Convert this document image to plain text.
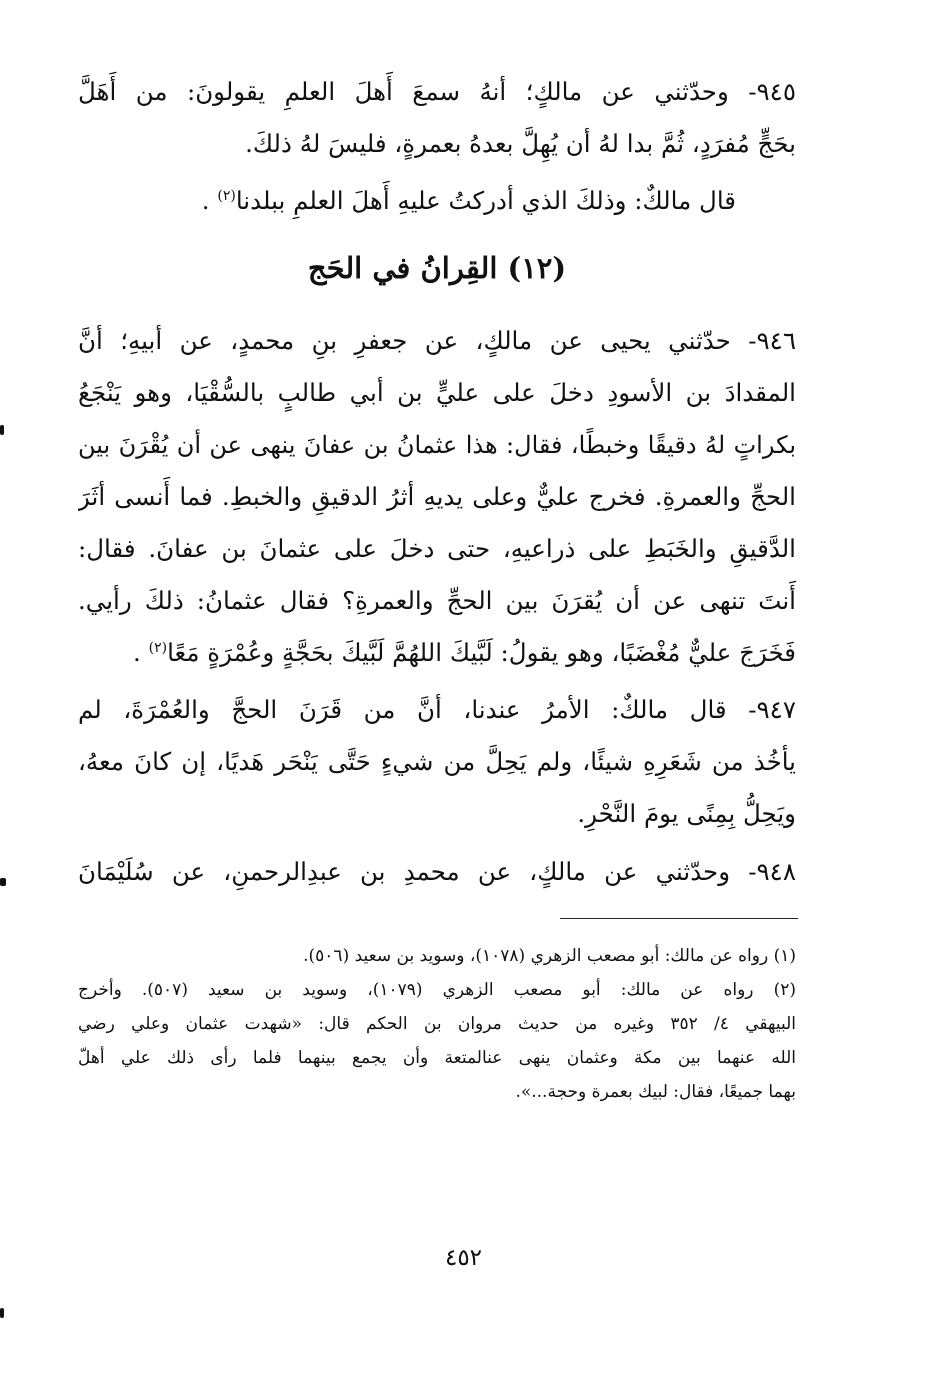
٩٤٥- وحدّثني عن مالكٍ؛ أنهُ سمعَ أَهلَ العلمِ يقولونَ: من أَهَلَّ
بحَجٍّ مُفرَدٍ، ثُمَّ بدا لهُ أن يُهِلَّ بعدهُ بعمرةٍ، فليسَ لهُ ذلكَ.
قال مالكٌ: وذلكَ الذي أدركتُ عليهِ أَهلَ العلمِ ببلدنا$^{(٢)}$ .
(١٢) القِرانُ في الحَج
٩٤٦- حدّثني يحيى عن مالكٍ، عن جعفرِ بنِ محمدٍ، عن أبيهِ؛ أنَّ
المقدادَ بن الأسودِ دخلَ على عليٍّ بن أبي طالبٍ بالسُّقْيَا، وهو يَنْجَعُ
بكراتٍ لهُ دقيقًا وخبطًا، فقال: هذا عثمانُ بن عفانَ ينهى عن أن يُقْرَنَ بين
الحجِّ والعمرةِ. فخرج عليٌّ وعلى يديهِ أثرُ الدقيقِ والخبطِ. فما أَنسى أثَرَ
الدَّقيقِ والخَبَطِ على ذراعيهِ، حتى دخلَ على عثمانَ بن عفانَ. فقال:
أَنتَ تنهى عن أن يُقرَنَ بين الحجِّ والعمرةِ؟ فقال عثمانُ: ذلكَ رأيي.
فَخَرَجَ عليٌّ مُغْضَبًا، وهو يقولُ: لَبَّيكَ اللهُمَّ لَبَّيكَ بحَجَّةٍ وعُمْرَةٍ مَعًا$^{(٢)}$ .
٩٤٧- قال مالكٌ: الأمرُ عندنا، أنَّ من قَرَنَ الحجَّ والعُمْرَةَ، لم
يأخُذ من شَعَرِهِ شيئًا، ولم يَحِلَّ من شيءٍ حَتَّى يَنْحَر هَديًا، إن كانَ معهُ،
ويَحِلُّ بِمِنًى يومَ النَّحْرِ.
٩٤٨- وحدّثني عن مالكٍ، عن محمدِ بن عبدِالرحمنِ، عن سُلَيْمَانَ
(١) رواه عن مالك: أبو مصعب الزهري (١٠٧٨)، وسويد بن سعيد (٥٠٦).
(٢) رواه عن مالك: أبو مصعب الزهري (١٠٧٩)، وسويد بن سعيد (٥٠٧). وأخرج
البيهقي ٤/ ٣٥٢ وغيره من حديث مروان بن الحكم قال: «شهدت عثمان وعلي رضي
الله عنهما بين مكة وعثمان ينهى عنالمتعة وأن يجمع بينهما فلما رأى ذلك علي أهلّ
بهما جميعًا، فقال: لبيك بعمرة وحجة...».
٤٥٢
